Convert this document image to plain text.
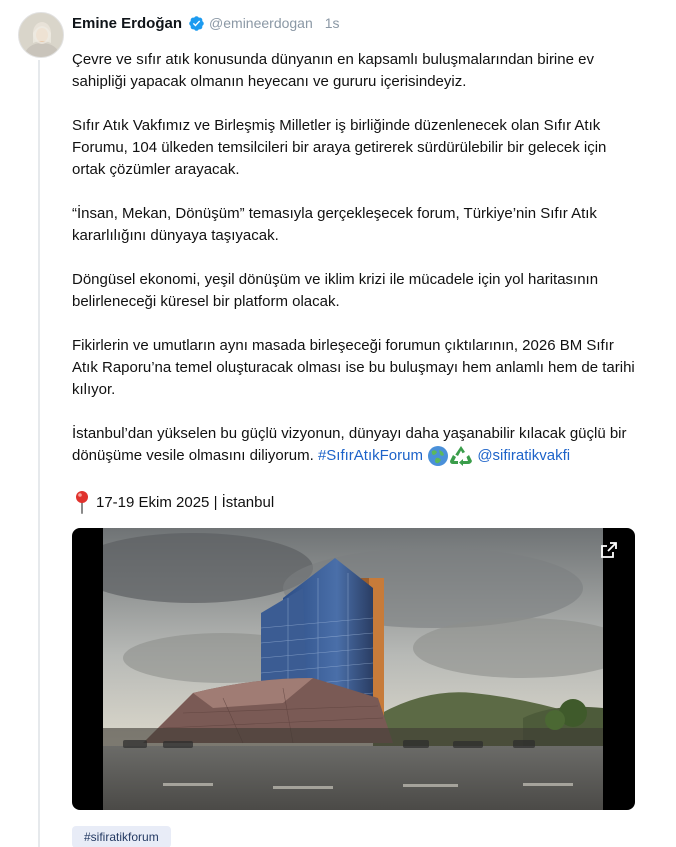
Emine Erdoğan @emineerdogan 1s

Çevre ve sıfır atık konusunda dünyanın en kapsamlı buluşmalarından birine ev sahipliği yapacak olmanın heyecanı ve gururu içerisindeyiz.

Sıfır Atık Vakfımız ve Birleşmiş Milletler iş birliğinde düzenlenecek olan Sıfır Atık Forumu, 104 ülkeden temsilcileri bir araya getirerek sürdürülebilir bir gelecek için ortak çözümler arayacak.

“İnsan, Mekan, Dönüşüm” temasıyla gerçekleşecek forum, Türkiye’nin Sıfır Atık kararlılığını dünyaya taşıyacak.

Döngüsel ekonomi, yeşil dönüşüm ve iklim krizi ile mücadele için yol haritasının belirleneceği küresel bir platform olacak.

Fikirlerin ve umutların aynı masada birleşeceği forumun çıktılarının, 2026 BM Sıfır Atık Raporu’na temel oluşturacak olması ise bu buluşmayı hem anlamlı hem de tarihi kılıyor.

İstanbul’dan yükselen bu güçlü vizyonun, dünyayı daha yaşanabilir kılacak güçlü bir dönüşüme vesile olmasını diliyorum. #SıfırAtıkForum	@sifiratikvakfi

17-19 Ekim 2025 | İstanbul
#sifiratikforum
